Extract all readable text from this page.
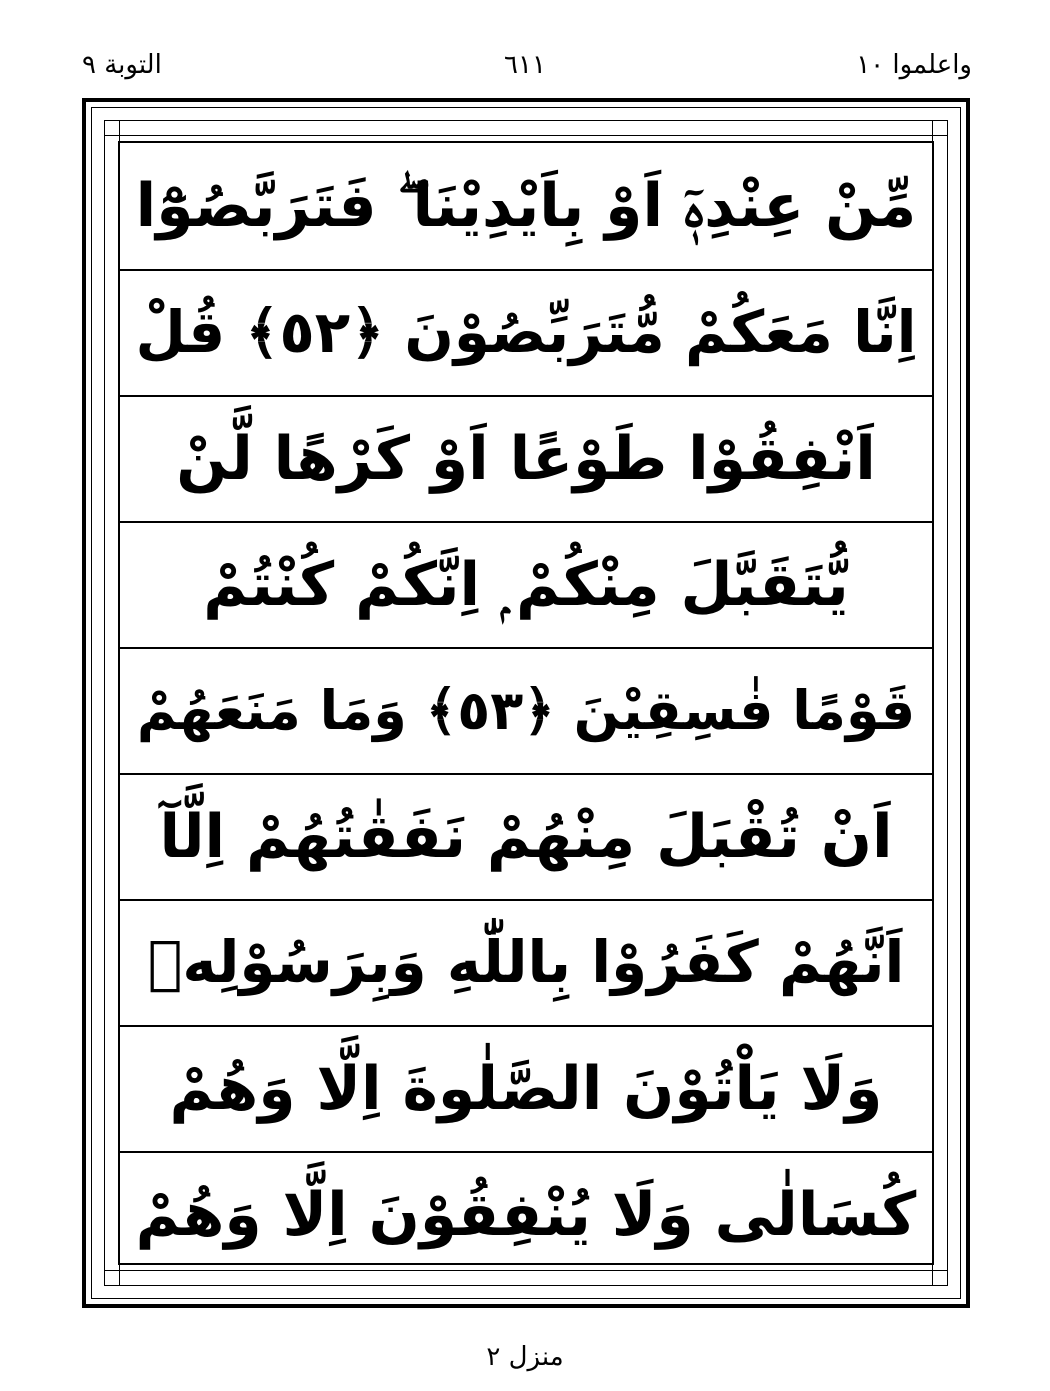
واعلموا ١٠
٦١١
التوبة ٩
مِّنْ عِنْدِهٖٓ اَوْ بِاَيْدِيْنَا ۖ فَتَرَبَّصُوْٓا
اِنَّا مَعَكُمْ مُّتَرَبِّصُوْنَ ﴿٥٢﴾ قُلْ
اَنْفِقُوْا طَوْعًا اَوْ كَرْهًا لَّنْ
يُّتَقَبَّلَ مِنْكُمْ ۭ اِنَّكُمْ كُنْتُمْ
قَوْمًا فٰسِقِيْنَ ﴿٥٣﴾ وَمَا مَنَعَهُمْ
اَنْ تُقْبَلَ مِنْهُمْ نَفَقٰتُهُمْ اِلَّآ
اَنَّهُمْ كَفَرُوْا بِاللّٰهِ وَبِرَسُوْلِهٖ
وَلَا يَاْتُوْنَ الصَّلٰوةَ اِلَّا وَهُمْ
كُسَالٰى وَلَا يُنْفِقُوْنَ اِلَّا وَهُمْ
منزل ٢
